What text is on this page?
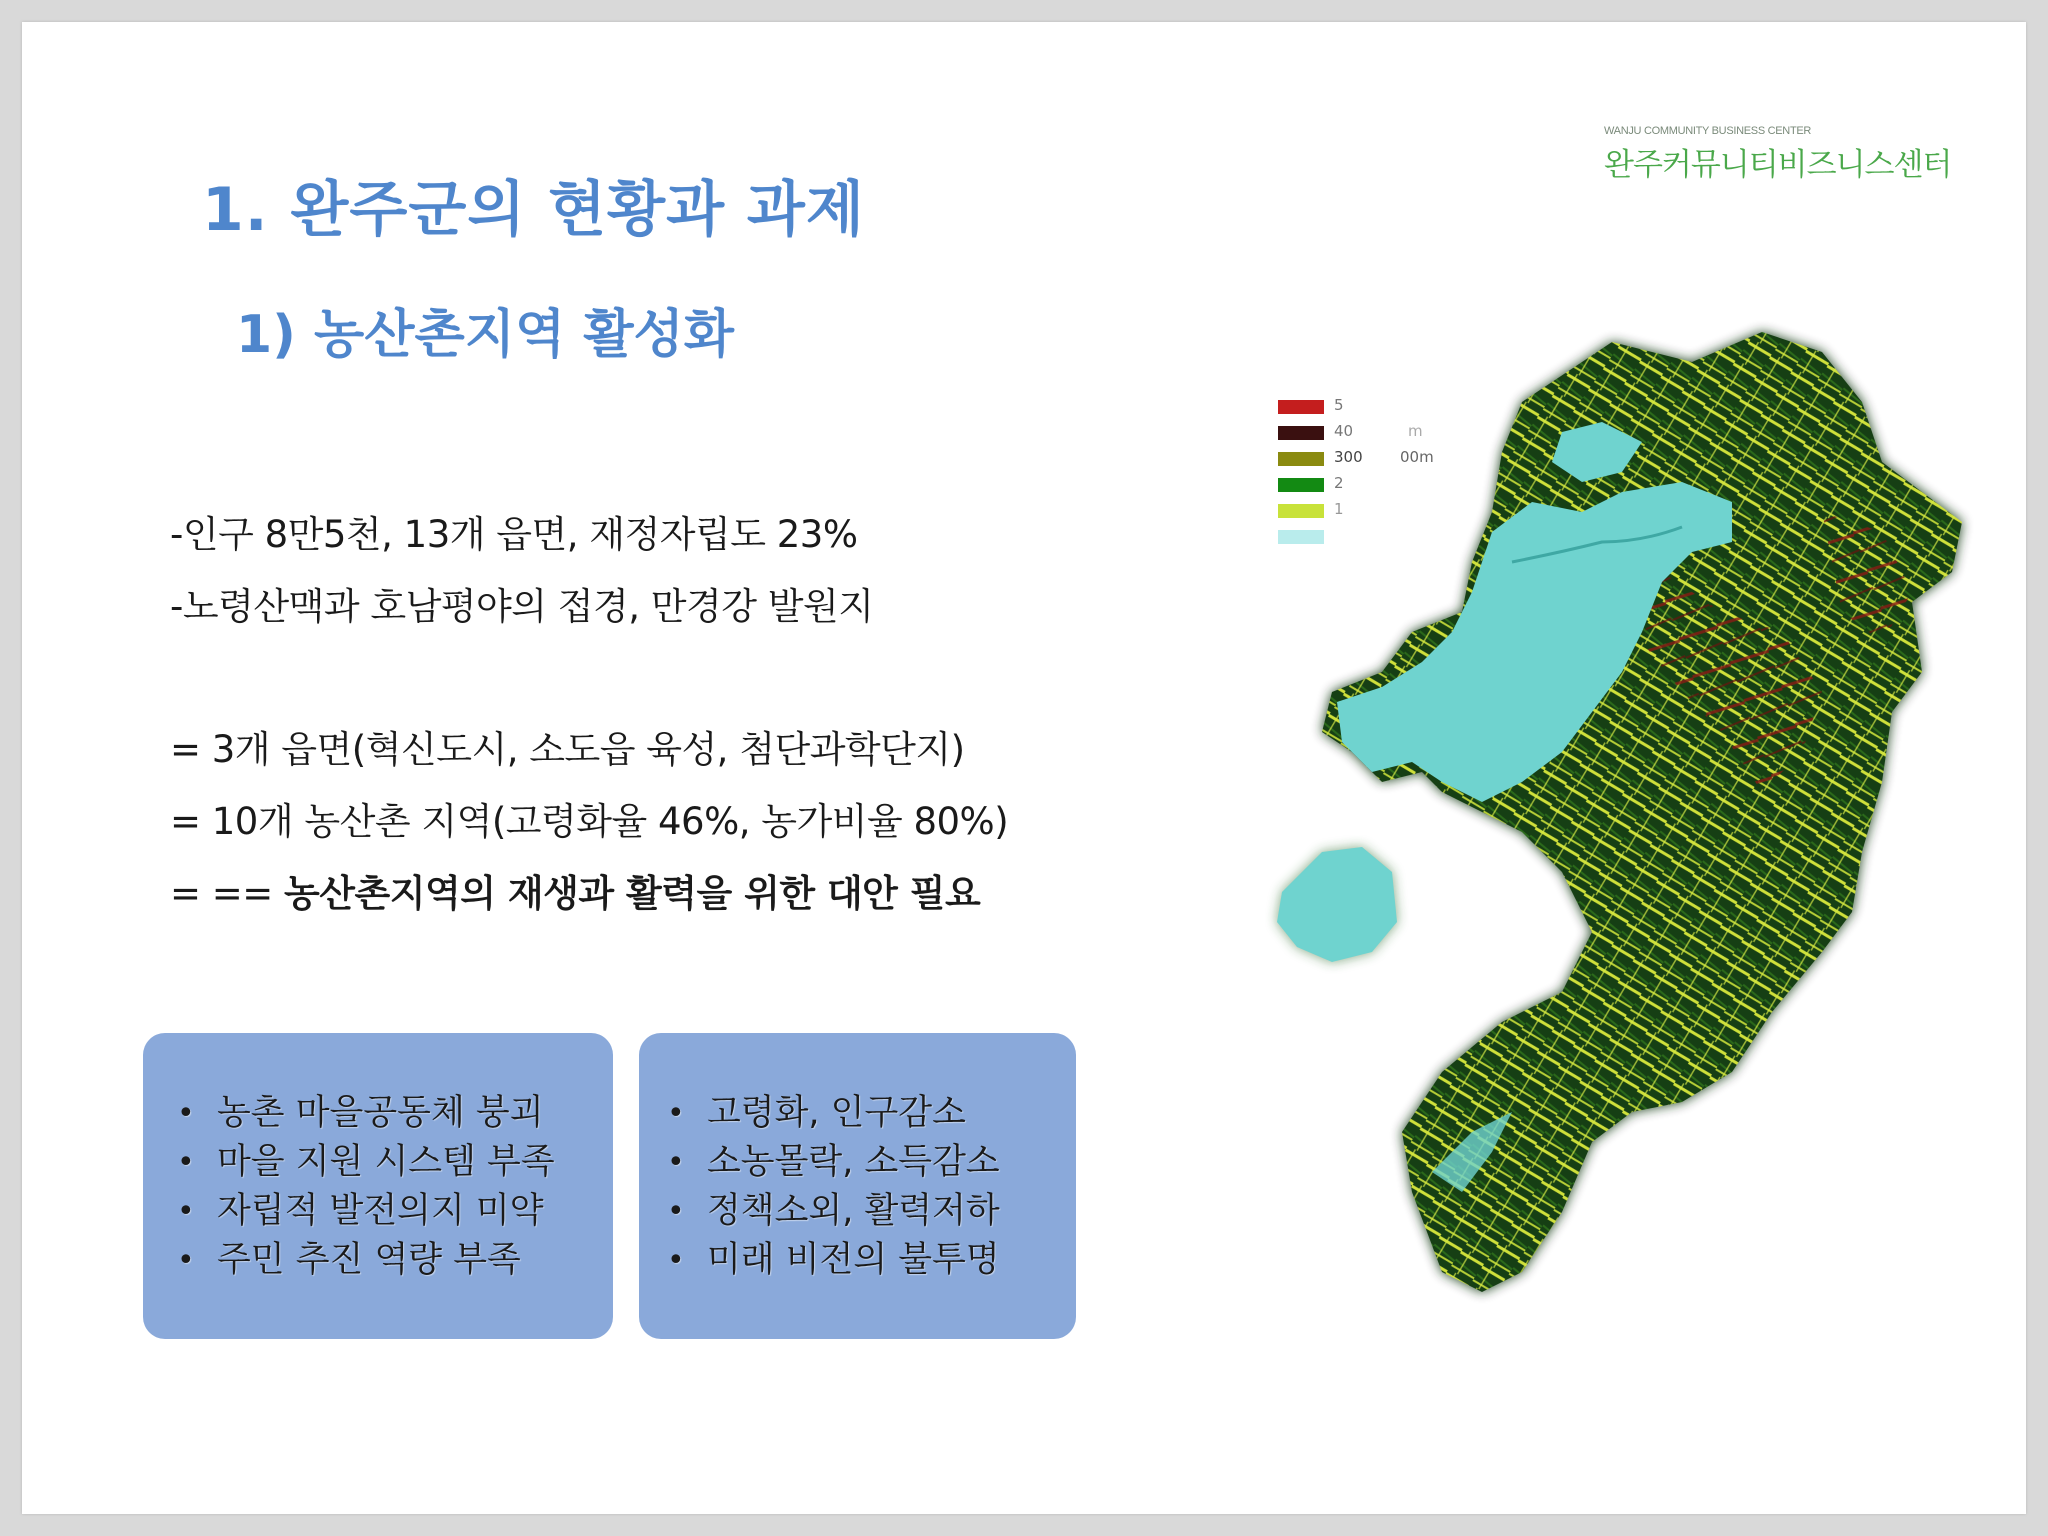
WANJU COMMUNITY BUSINESS CENTER
완주커뮤니티비즈니스센터
1. 완주군의 현황과 과제
1) 농산촌지역 활성화
-인구 8만5천, 13개 읍면, 재정자립도 23%
-노령산맥과 호남평야의 접경, 만경강 발원지
= 3개 읍면(혁신도시, 소도읍 육성, 첨단과학단지)
= 10개 농산촌 지역(고령화율 46%, 농가비율 80%)
= == 농산촌지역의 재생과 활력을 위한 대안 필요
• 농촌 마을공동체 붕괴
• 마을 지원 시스템 부족
• 자립적 발전의지 미약
• 주민 추진 역량 부족
• 고령화, 인구감소
• 소농몰락, 소득감소
• 정책소외, 활력저하
• 미래 비전의 불투명
5
40
300
2
1
m
00m
